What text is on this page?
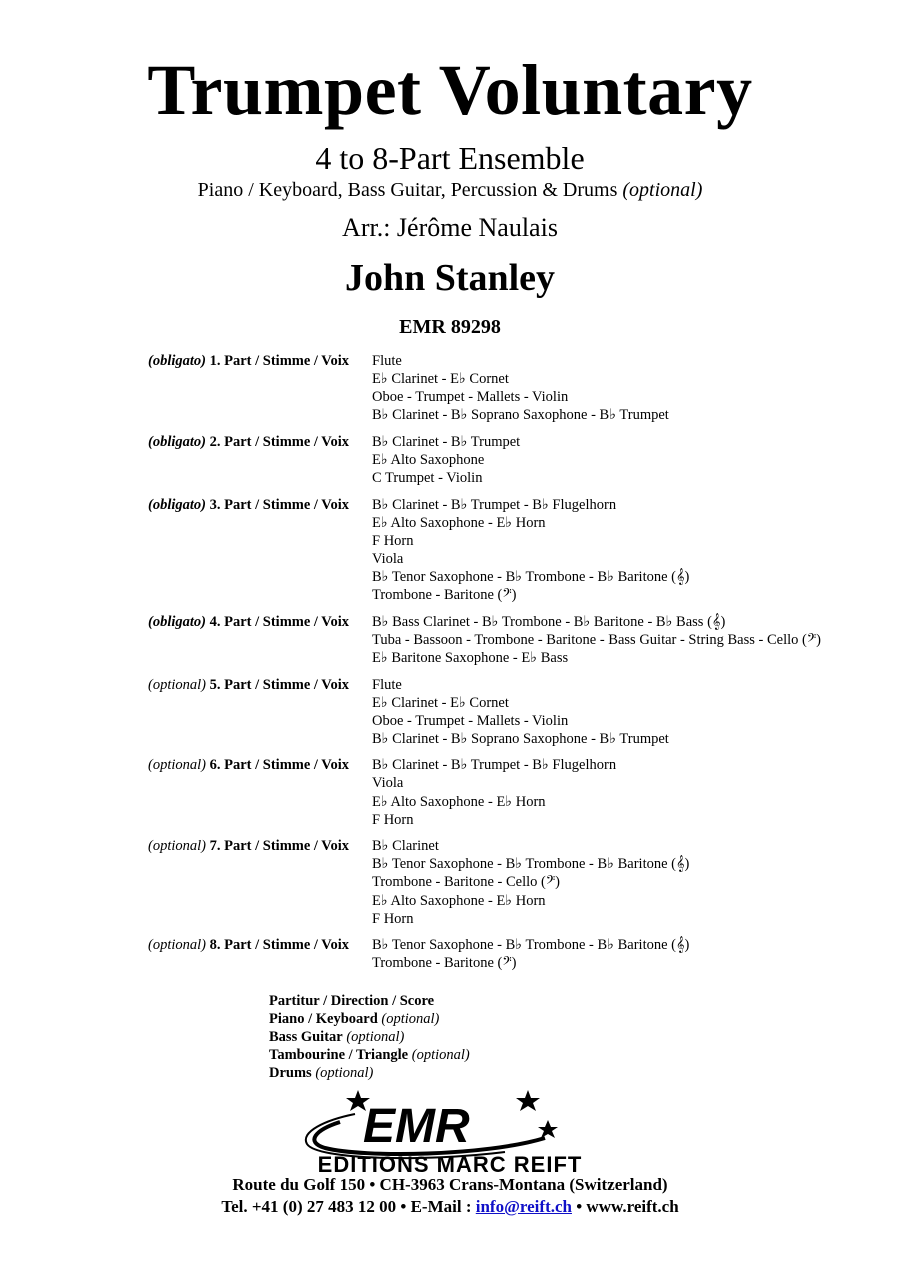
Trumpet Voluntary
4 to 8-Part Ensemble
Piano / Keyboard, Bass Guitar, Percussion & Drums (optional)
Arr.: Jérôme Naulais
John Stanley
EMR 89298
(obligato) 1. Part / Stimme / Voix	Flute
E♭ Clarinet - E♭ Cornet
Oboe - Trumpet - Mallets - Violin
B♭ Clarinet - B♭ Soprano Saxophone - B♭ Trumpet
(obligato) 2. Part / Stimme / Voix	B♭ Clarinet - B♭ Trumpet
E♭ Alto Saxophone
C Trumpet - Violin
(obligato) 3. Part / Stimme / Voix	B♭ Clarinet - B♭ Trumpet - B♭ Flugelhorn
E♭ Alto Saxophone - E♭ Horn
F Horn
Viola
B♭ Tenor Saxophone - B♭ Trombone - B♭ Baritone (𝄞)
Trombone - Baritone (𝄢)
(obligato) 4. Part / Stimme / Voix	B♭ Bass Clarinet - B♭ Trombone - B♭ Baritone - B♭ Bass (𝄞)
Tuba - Bassoon - Trombone - Baritone - Bass Guitar - String Bass - Cello (𝄢)
E♭ Baritone Saxophone - E♭ Bass
(optional) 5. Part / Stimme / Voix	Flute
E♭ Clarinet - E♭ Cornet
Oboe - Trumpet - Mallets - Violin
B♭ Clarinet - B♭ Soprano Saxophone - B♭ Trumpet
(optional) 6. Part / Stimme / Voix	B♭ Clarinet - B♭ Trumpet - B♭ Flugelhorn
Viola
E♭ Alto Saxophone - E♭ Horn
F Horn
(optional) 7. Part / Stimme / Voix	B♭ Clarinet
B♭ Tenor Saxophone - B♭ Trombone - B♭ Baritone (𝄞)
Trombone - Baritone - Cello (𝄢)
E♭ Alto Saxophone - E♭ Horn
F Horn
(optional) 8. Part / Stimme / Voix	B♭ Tenor Saxophone - B♭ Trombone - B♭ Baritone (𝄞)
Trombone - Baritone (𝄢)
Partitur / Direction / Score
Piano / Keyboard (optional)
Bass Guitar (optional)
Tambourine / Triangle (optional)
Drums (optional)
EMR
EDITIONS MARC REIFT
Route du Golf 150 • CH-3963 Crans-Montana (Switzerland)
Tel. +41 (0) 27 483 12 00 • E-Mail : info@reift.ch • www.reift.ch
